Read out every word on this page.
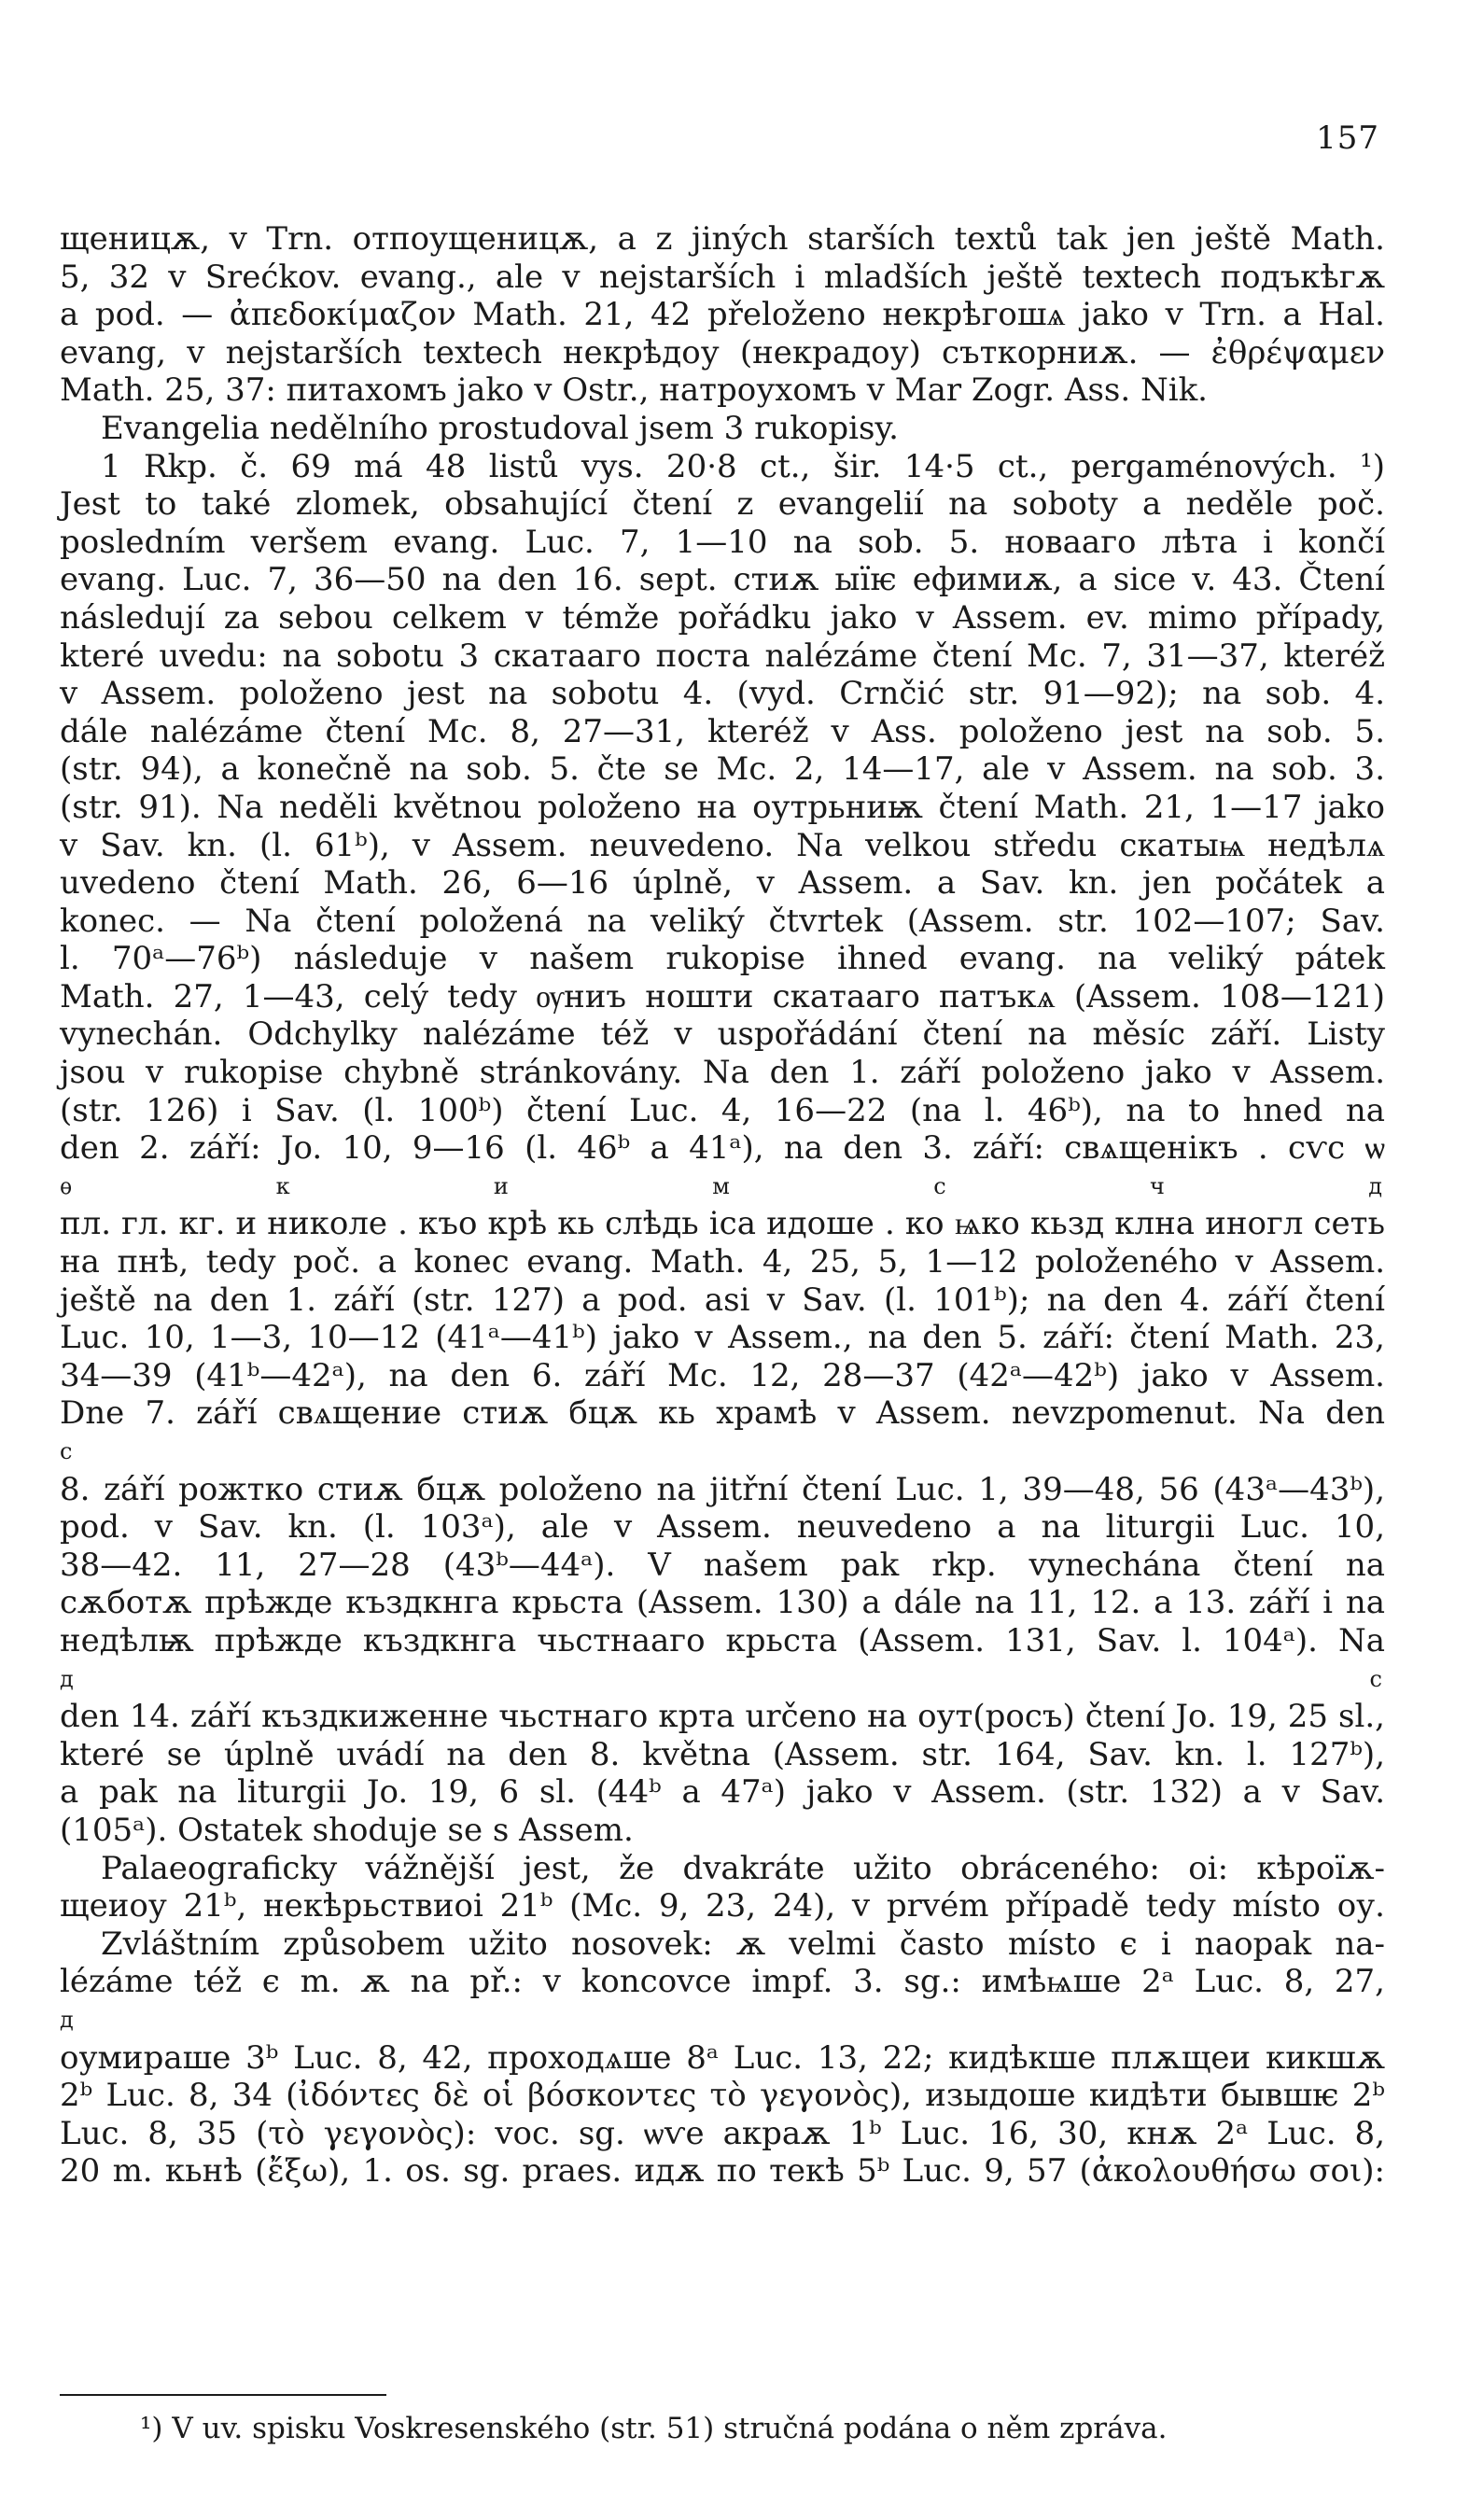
157
щеницѫ, v Trn. отпоущеницѫ, a z jiných starších textů tak jen ještě Math.
5, 32 v Srećkov. evang., ale v nejstarších i mladších ještě textech подъкѣгѫ
a pod. — ἀπεδοκίμαζον Math. 21, 42 přeloženo некрѣгошѧ jako v Trn. a Hal.
evang, v nejstarších textech некрѣдоу (некрадоу) съткорниѫ. — ἐθρέψαμεν
Math. 25, 37: питахомъ jako v Ostr., натроухомъ v Mar Zogr. Ass. Nik.
Evangelia nedělního prostudoval jsem 3 rukopisy.
1 Rkp. č. 69 má 48 listů vys. 20·8 ct., šir. 14·5 ct., pergaménových. ¹)
Jest to také zlomek, obsahující čtení z evangelií na soboty a neděle poč.
posledním veršem evang. Luc. 7, 1—10 na sob. 5. новааго лѣта i končí
evang. Luc. 7, 36—50 na den 16. sept. стиѫ ыїѥ ефимиѫ, a sice v. 43. Čtení
následují za sebou celkem v témže pořádku jako v Assem. ev. mimo případy,
které uvedu: na sobotu 3 скатааго поста nalézáme čtení Mc. 7, 31—37, kteréž
v Assem. položeno jest na sobotu 4. (vyd. Crnčić str. 91—92); na sob. 4.
dále nalézáme čtení Mc. 8, 27—31, kteréž v Ass. položeno jest na sob. 5.
(str. 94), a konečně na sob. 5. čte se Mc. 2, 14—17, ale v Assem. na sob. 3.
(str. 91). Na neděli květnou položeno на оутрьниѭ čtení Math. 21, 1—17 jako
v Sav. kn. (l. 61ᵇ), v Assem. neuvedeno. Na velkou středu скатыѩ недѣлѧ
uvedeno čtení Math. 26, 6—16 úplně, v Assem. a Sav. kn. jen počátek a
konec. — Na čtení položená na veliký čtvrtek (Assem. str. 102—107; Sav.
l. 70ᵃ—76ᵇ) následuje v našem rukopise ihned evang. na veliký pátek
Math. 27, 1—43, celý tedy ѹниъ ношти скатааго патъкѧ (Assem. 108—121)
vynechán. Odchylky nalézáme též v uspořádání čtení na měsíc září. Listy
jsou v rukopise chybně stránkovány. Na den 1. září položeno jako v Assem.
(str. 126) i Sav. (l. 100ᵇ) čtení Luc. 4, 16—22 (na l. 46ᵇ), na to hned na
den 2. září: Jo. 10, 9—16 (l. 46ᵇ a 41ᵃ), na den 3. září: свѧщенікъ . сѵс ѡ
ѳ к и м с ч д
пл. гл. кг. и николе . къо крѣ кь слѣдь іса идоше . ко ѩко кьзд клна иногл сеть
на пнѣ, tedy poč. a konec evang. Math. 4, 25, 5, 1—12 položeného v Assem.
ještě na den 1. září (str. 127) a pod. asi v Sav. (l. 101ᵇ); na den 4. září čtení
Luc. 10, 1—3, 10—12 (41ᵃ—41ᵇ) jako v Assem., na den 5. září: čtení Math. 23,
34—39 (41ᵇ—42ᵃ), na den 6. září Mc. 12, 28—37 (42ᵃ—42ᵇ) jako v Assem.
Dne 7. září свѧщение стиѫ бцѫ кь храмѣ v Assem. nevzpomenut. Na den
с
8. září рожтко стиѫ бцѫ položeno na jitřní čtení Luc. 1, 39—48, 56 (43ᵃ—43ᵇ),
pod. v Sav. kn. (l. 103ᵃ), ale v Assem. neuvedeno a na liturgii Luc. 10,
38—42. 11, 27—28 (43ᵇ—44ᵃ). V našem pak rkp. vynechána čtení na
сѫботѫ прѣжде къздкнга крьста (Assem. 130) a dále na 11, 12. a 13. září i na
недѣлѭ прѣжде къздкнга чьстнааго крьста (Assem. 131, Sav. l. 104ᵃ). Na
д с
den 14. září къздкиженне чьстнаго крта určeno на оут(росъ) čtení Jo. 19, 25 sl.,
které se úplně uvádí na den 8. května (Assem. str. 164, Sav. kn. l. 127ᵇ),
a pak na liturgii Jo. 19, 6 sl. (44ᵇ a 47ᵃ) jako v Assem. (str. 132) a v Sav.
(105ᵃ). Ostatek shoduje se s Assem.
Palaeograficky vážnější jest, že dvakráte užito obráceného: оі: кѣроїѫ-
щеиоу 21ᵇ, некѣрьствиоі 21ᵇ (Mc. 9, 23, 24), v prvém případě tedy místo оу.
Zvláštním způsobem užito nosovek: ѫ velmi často místo є i naopak na-
lézáme též є m. ѫ na př.: v koncovce impf. 3. sg.: имѣѩше 2ᵃ Luc. 8, 27,
д
оумираше 3ᵇ Luc. 8, 42, проходѧше 8ᵃ Luc. 13, 22; кидѣкше плѫщеи кикшѫ
2ᵇ Luc. 8, 34 (ἰδόντες δὲ οἱ βόσκοντες τὸ γεγονὸς), изыдоше кидѣти бывшѥ 2ᵇ
Luc. 8, 35 (τὸ γεγονὸς): voc. sg. ѡѵе акраѫ 1ᵇ Luc. 16, 30, кнѫ 2ᵃ Luc. 8,
20 m. кьнѣ (ἔξω), 1. os. sg. praes. идѫ по текѣ 5ᵇ Luc. 9, 57 (ἀκολουθήσω σοι):
¹) V uv. spisku Voskresenského (str. 51) stručná podána o něm zpráva.
